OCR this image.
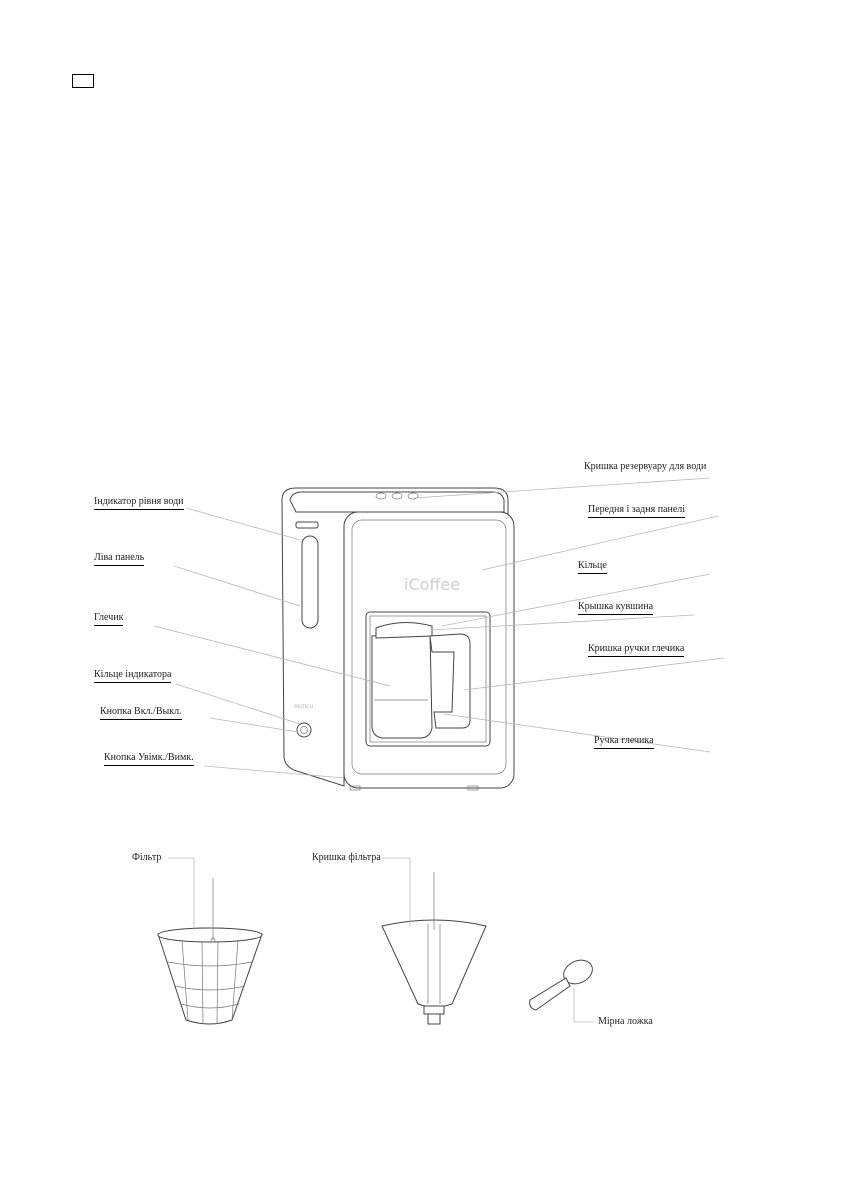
PROTECH
iCoffee
Індикатор рівня води
Ліва панель
Глечик
Кільце індикатора
Кнопка Вкл./Выкл.
Кнопка Увімк./Вимк.
Кришка резервуару для води
Передня і задня панелі
Кільце
Крышка кувшина
Кришка ручки глечика
Ручка глечика
Фільтр	Кришка фільтра
Мірна ложка
